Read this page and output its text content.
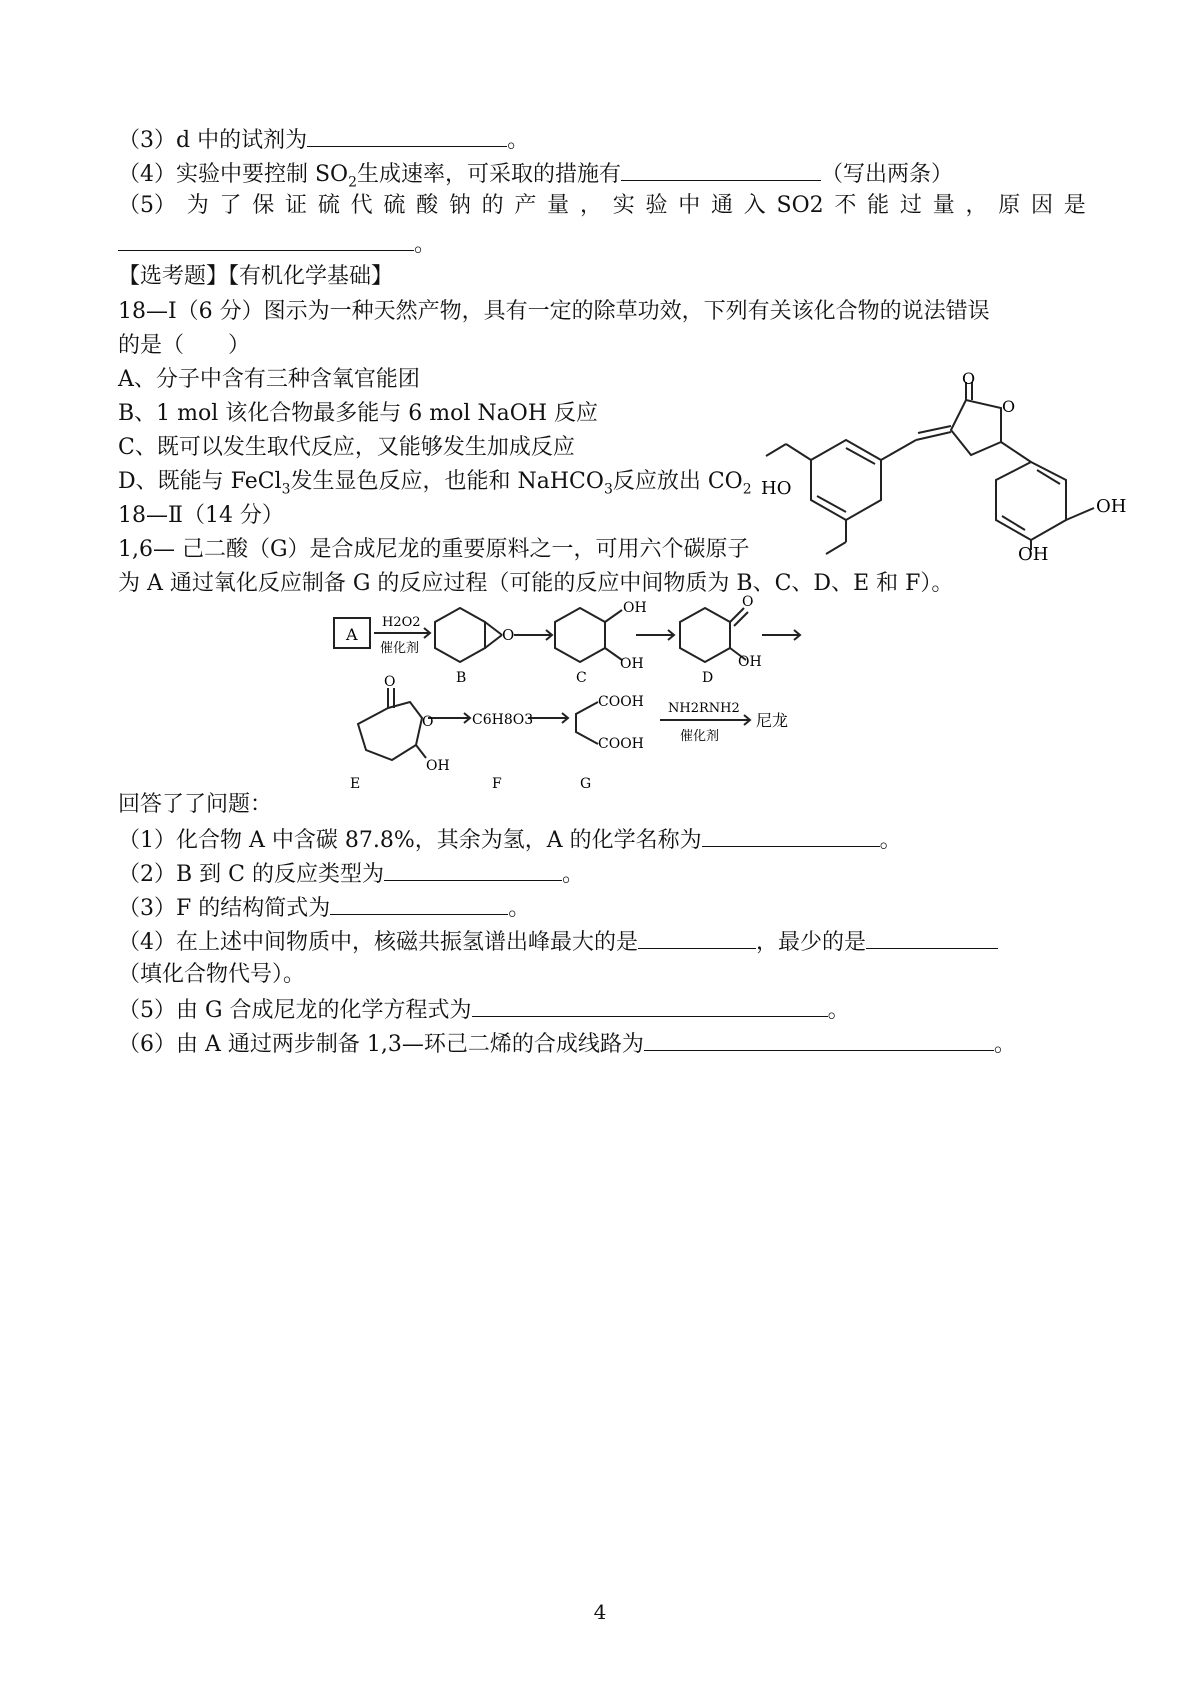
（3）d 中的试剂为	。
（4）实验中要控制 $SO_2$生成速率，可采取的措施有	（写出两条）
（5） 为 了 保 证 硫 代 硫 酸 钠 的 产 量 ， 实 验 中 通 入 SO2 不 能 过 量 ， 原 因 是
。
【选考题】【有机化学基础】
18—Ⅰ（6 分）图示为一种天然产物，具有一定的除草功效，下列有关该化合物的说法错误
的是（　　）
A、分子中含有三种含氧官能团
B、1 mol 该化合物最多能与 6 mol NaOH 反应
C、既可以发生取代反应，又能够发生加成反应
D、既能与 FeCl$_3$发生显色反应，也能和 NaHCO$_3$反应放出 $CO_2$
18—Ⅱ（14 分）
1,6— 己二酸（G）是合成尼龙的重要原料之一，可用六个碳原子
为 A 通过氧化反应制备 G 的反应过程（可能的反应中间物质为 B、C、D、E 和 F）。
HO
OH
OH
O
O
A
H2O2
催化剂
O
OH
OH
O
OH
B	C	D
O
O
OH
E
C6H8O3
F
COOH
COOH
G
NH2RNH2
催化剂
尼龙
回答了了问题：
（1）化合物 A 中含碳 87.8%，其余为氢，A 的化学名称为	。
（2）B 到 C 的反应类型为	。
（3）F 的结构简式为	。
（4）在上述中间物质中，核磁共振氢谱出峰最大的是	，最少的是
（填化合物代号）。
（5）由 G 合成尼龙的化学方程式为	。
（6）由 A 通过两步制备 1,3—环己二烯的合成线路为	。
4
